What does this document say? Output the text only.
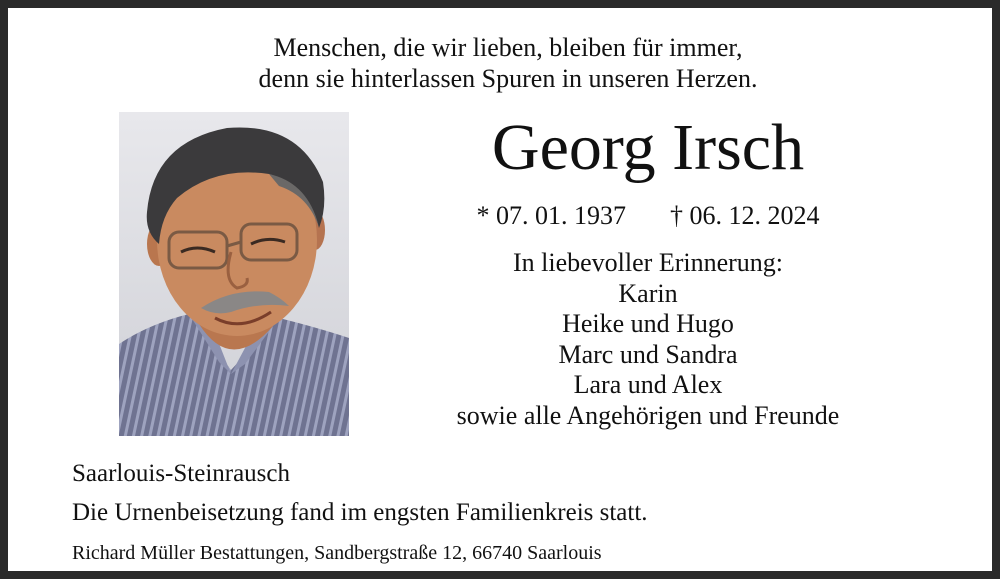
Menschen, die wir lieben, bleiben für immer,
denn sie hinterlassen Spuren in unseren Herzen.
Georg Irsch
* 07. 01. 1937 † 06. 12. 2024
In liebevoller Erinnerung:
Karin
Heike und Hugo
Marc und Sandra
Lara und Alex
sowie alle Angehörigen und Freunde
Saarlouis-Steinrausch
Die Urnenbeisetzung fand im engsten Familienkreis statt.
Richard Müller Bestattungen, Sandbergstraße 12, 66740 Saarlouis
